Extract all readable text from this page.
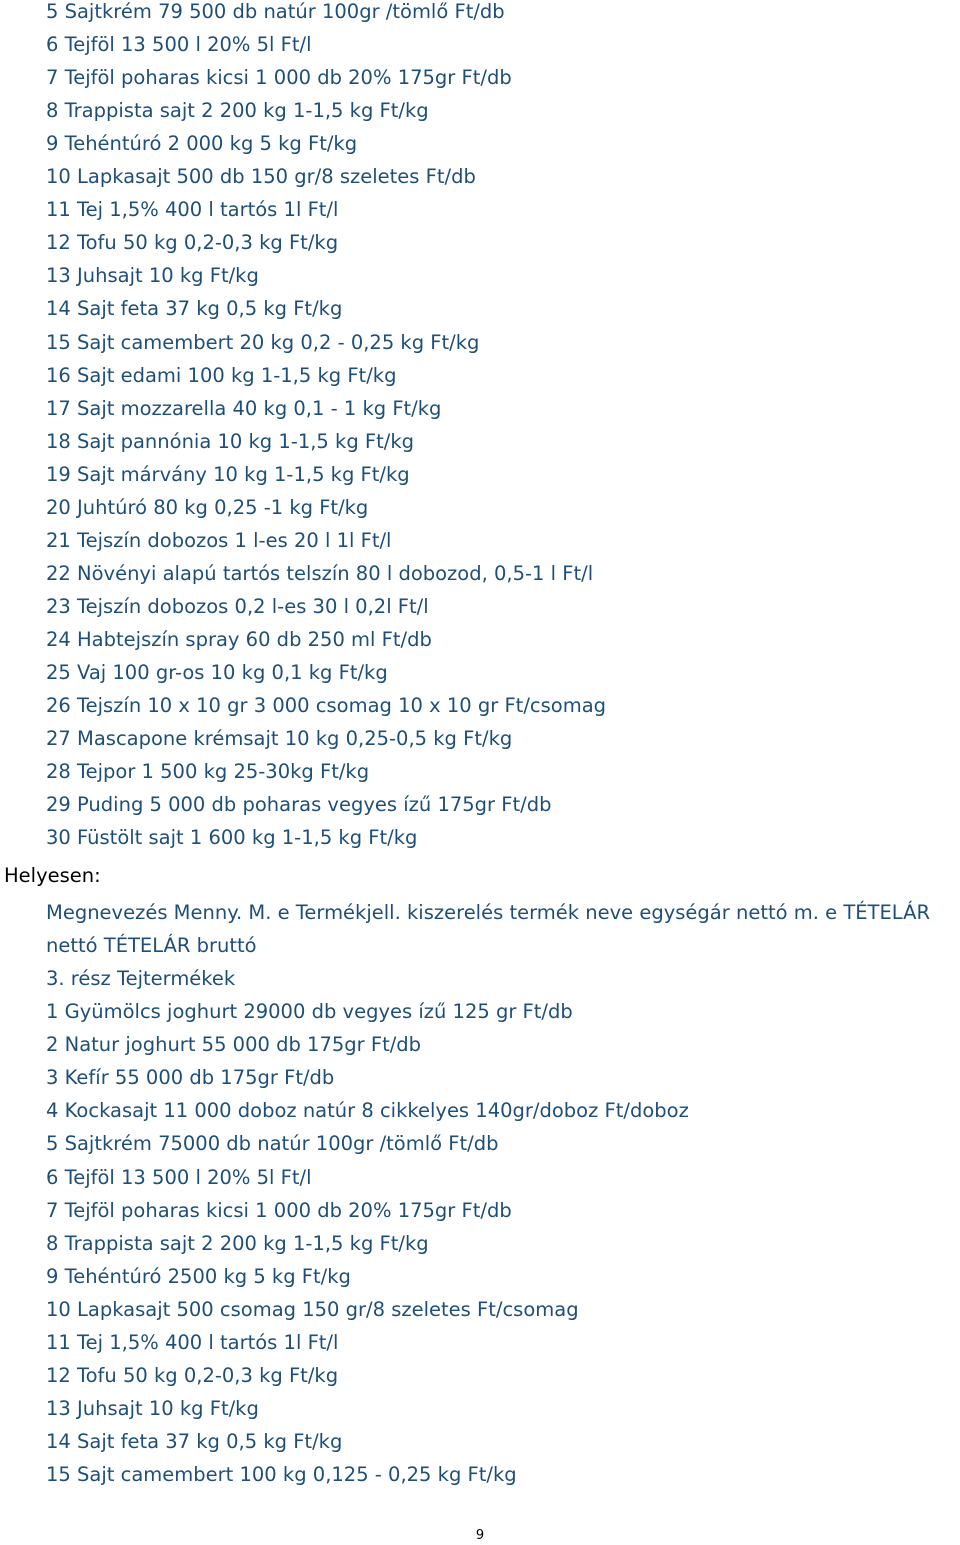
5 Sajtkrém 79 500 db natúr 100gr /tömlő Ft/db
6 Tejföl 13 500 l 20% 5l Ft/l
7 Tejföl poharas kicsi 1 000 db 20% 175gr Ft/db
8 Trappista sajt 2 200 kg 1-1,5 kg Ft/kg
9 Tehéntúró 2 000 kg 5 kg Ft/kg
10 Lapkasajt 500 db 150 gr/8 szeletes Ft/db
11 Tej 1,5% 400 l tartós 1l Ft/l
12 Tofu 50 kg 0,2-0,3 kg Ft/kg
13 Juhsajt 10 kg Ft/kg
14 Sajt feta 37 kg 0,5 kg Ft/kg
15 Sajt camembert 20 kg 0,2 - 0,25 kg Ft/kg
16 Sajt edami 100 kg 1-1,5 kg Ft/kg
17 Sajt mozzarella 40 kg 0,1 - 1 kg Ft/kg
18 Sajt pannónia 10 kg 1-1,5 kg Ft/kg
19 Sajt márvány 10 kg 1-1,5 kg Ft/kg
20 Juhtúró 80 kg 0,25 -1 kg Ft/kg
21 Tejszín dobozos 1 l-es 20 l 1l Ft/l
22 Növényi alapú tartós telszín 80 l dobozod, 0,5-1 l Ft/l
23 Tejszín dobozos 0,2 l-es 30 l 0,2l Ft/l
24 Habtejszín spray 60 db 250 ml Ft/db
25 Vaj 100 gr-os 10 kg 0,1 kg Ft/kg
26 Tejszín 10 x 10 gr 3 000 csomag 10 x 10 gr Ft/csomag
27 Mascapone krémsajt 10 kg 0,25-0,5 kg Ft/kg
28 Tejpor 1 500 kg 25-30kg Ft/kg
29 Puding 5 000 db poharas vegyes ízű 175gr Ft/db
30 Füstölt sajt 1 600 kg 1-1,5 kg Ft/kg
Helyesen:
Megnevezés Menny. M. e Termékjell. kiszerelés termék neve egységár nettó m. e TÉTELÁR
nettó TÉTELÁR bruttó
3. rész Tejtermékek
1 Gyümölcs joghurt 29000 db vegyes ízű 125 gr Ft/db
2 Natur joghurt 55 000 db 175gr Ft/db
3 Kefír 55 000 db 175gr Ft/db
4 Kockasajt 11 000 doboz natúr 8 cikkelyes 140gr/doboz Ft/doboz
5 Sajtkrém 75000 db natúr 100gr /tömlő Ft/db
6 Tejföl 13 500 l 20% 5l Ft/l
7 Tejföl poharas kicsi 1 000 db 20% 175gr Ft/db
8 Trappista sajt 2 200 kg 1-1,5 kg Ft/kg
9 Tehéntúró 2500 kg 5 kg Ft/kg
10 Lapkasajt 500 csomag 150 gr/8 szeletes Ft/csomag
11 Tej 1,5% 400 l tartós 1l Ft/l
12 Tofu 50 kg 0,2-0,3 kg Ft/kg
13 Juhsajt 10 kg Ft/kg
14 Sajt feta 37 kg 0,5 kg Ft/kg
15 Sajt camembert 100 kg 0,125 - 0,25 kg Ft/kg
9
